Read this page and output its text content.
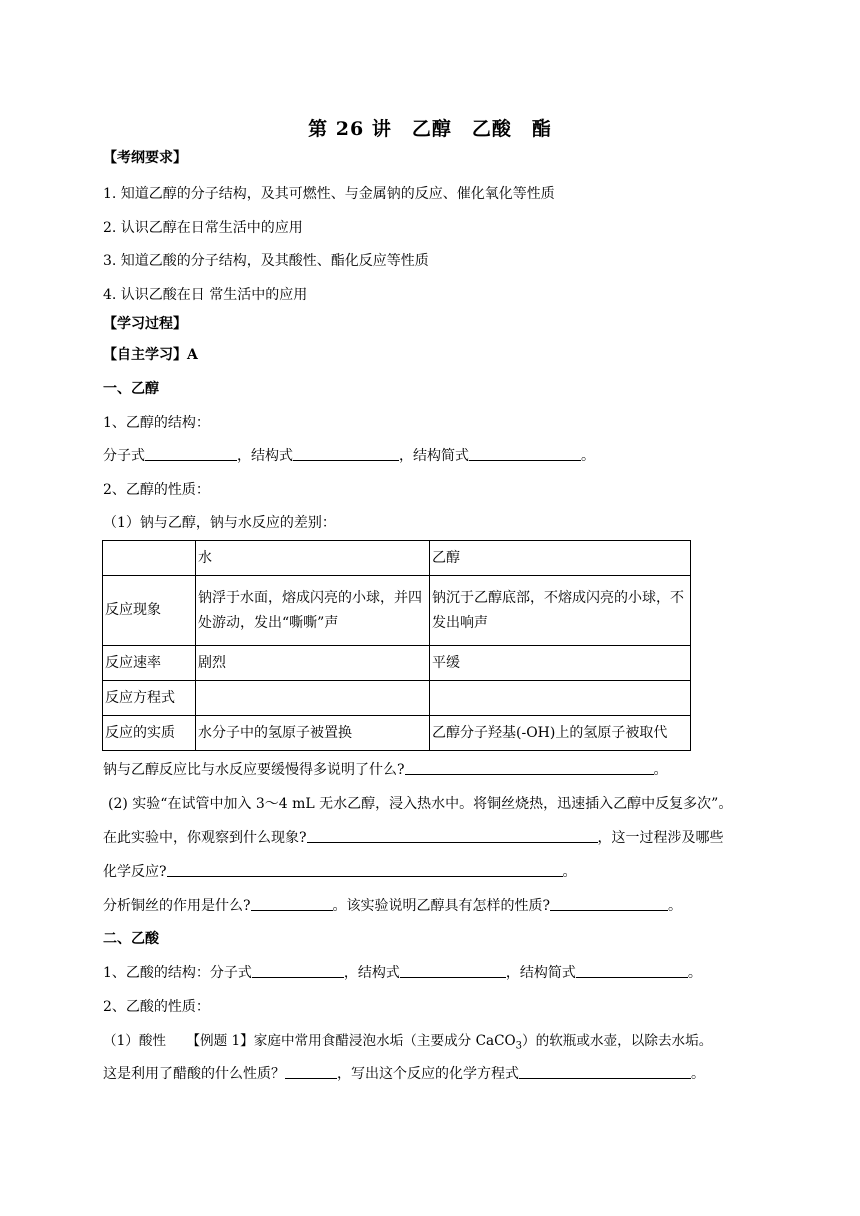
第 26 讲　乙醇　乙酸　酯
【考纲要求】
1. 知道乙醇的分子结构，及其可燃性、与金属钠的反应、催化氧化等性质
2. 认识乙醇在日常生活中的应用
3. 知道乙酸的分子结构，及其酸性、酯化反应等性质
4. 认识乙酸在日 常生活中的应用
【学习过程】
【自主学习】A
一、乙醇
1、乙醇的结构：
分子式	，结构式	，结构简式	。
2、乙醇的性质：
（1）钠与乙醇，钠与水反应的差别：
	水	乙醇
反应现象	钠浮于水面，熔成闪亮的小球，并四处游动，发出“嘶嘶”声	钠沉于乙醇底部，不熔成闪亮的小球，不发出响声
反应速率	剧烈	平缓
反应方程式		
反应的实质	水分子中的氢原子被置换	乙醇分子羟基(-OH)上的氢原子被取代
钠与乙醇反应比与水反应要缓慢得多说明了什么?	。
(2) 实验“在试管中加入 3～4 mL 无水乙醇，浸入热水中。将铜丝烧热，迅速插入乙醇中反复多次”。
在此实验中，你观察到什么现象?	，这一过程涉及哪些
化学反应?	。
分析铜丝的作用是什么?	。该实验说明乙醇具有怎样的性质?	。
二、乙酸
1、乙酸的结构：分子式	，结构式	，结构简式	。
2、乙酸的性质：
（1）酸性　　【例题 1】家庭中常用食醋浸泡水垢（主要成分 CaCO$_3$）的软瓶或水壶，以除去水垢。
这是利用了醋酸的什么性质？	，写出这个反应的化学方程式	。
